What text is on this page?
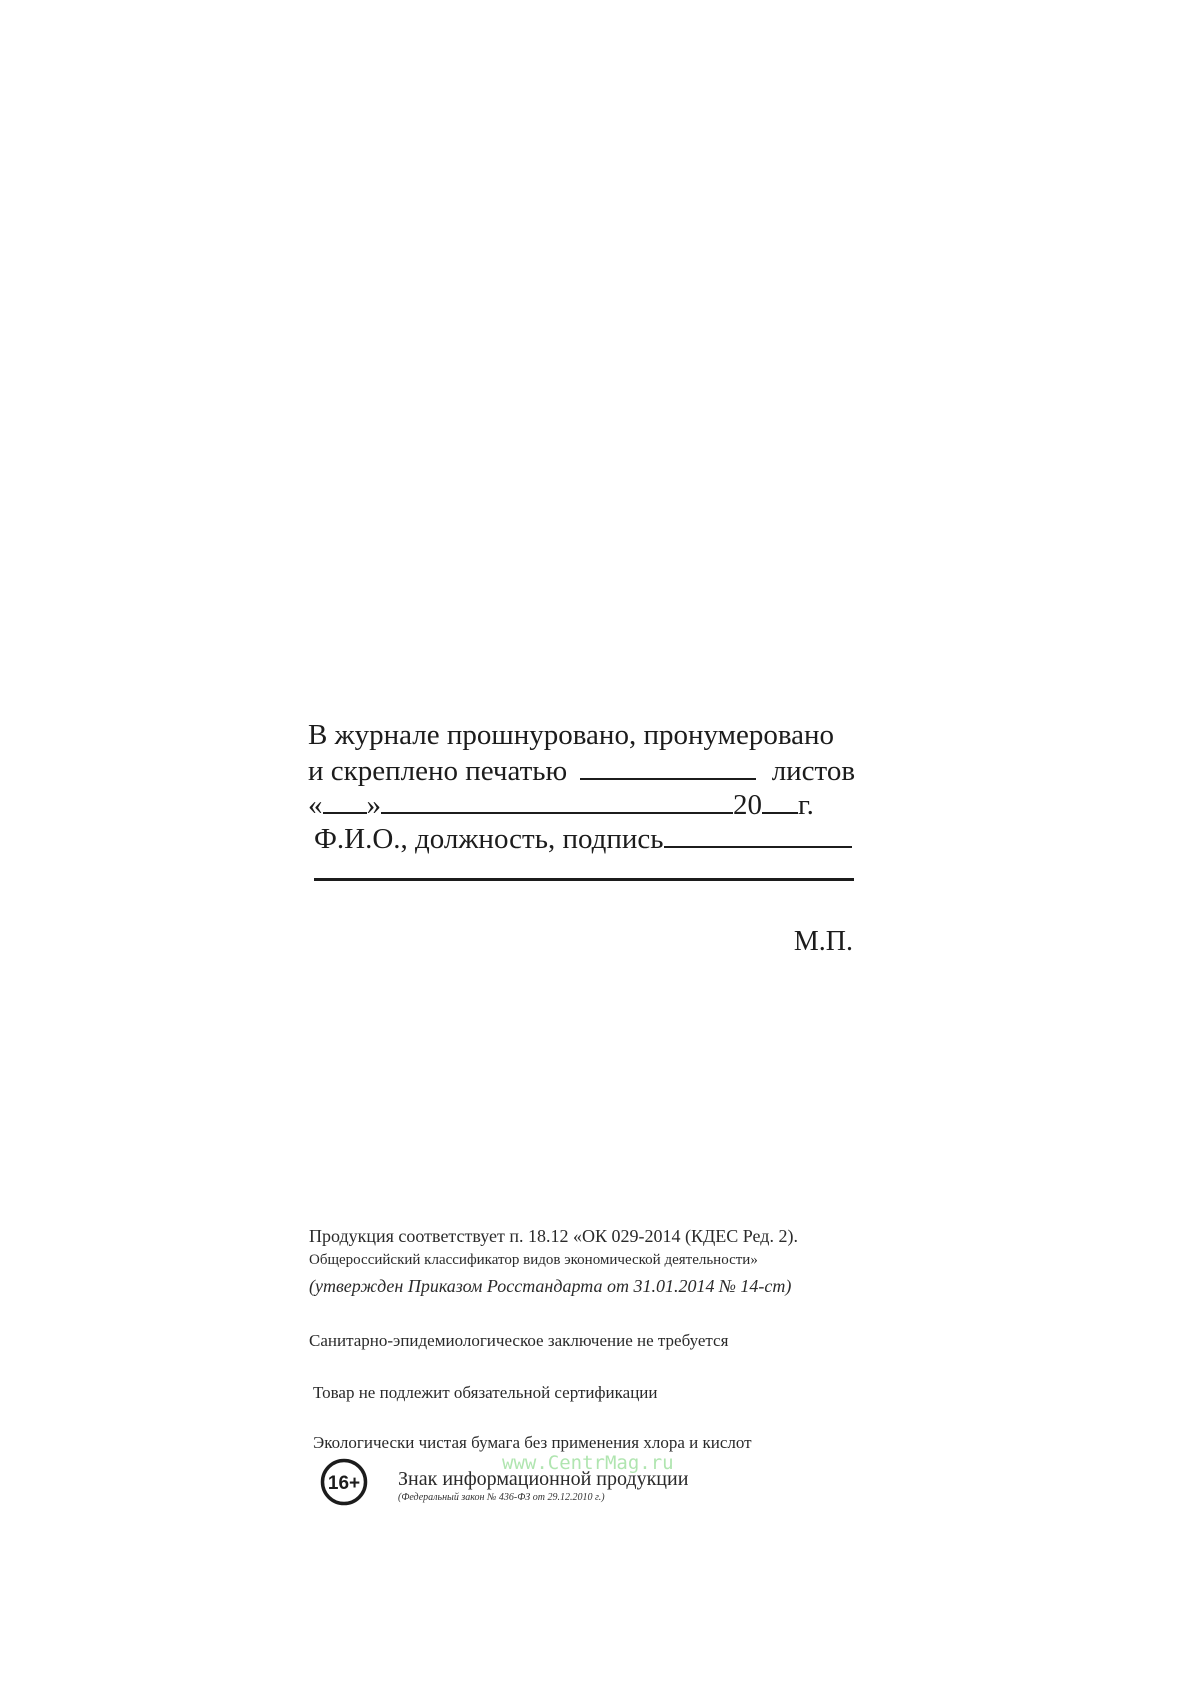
В журнале прошнуровано, пронумеровано
и скреплено печатью	листов
« »	20 г.
Ф.И.О., должность, подпись
М.П.

Продукция соответствует п. 18.12 «ОК 029-2014 (КДЕС Ред. 2).

Общероссийский классификатор видов экономической деятельности»

(утвержден Приказом Росстандарта от 31.01.2014 № 14-ст)

Санитарно-эпидемиологическое заключение не требуется

Товар не подлежит обязательной сертификации

Экологически чистая бумага без применения хлора и кислот

16+ Знак информационной продукции
(Федеральный закон № 436-ФЗ от 29.12.2010 г.)
www.CentrMag.ru
